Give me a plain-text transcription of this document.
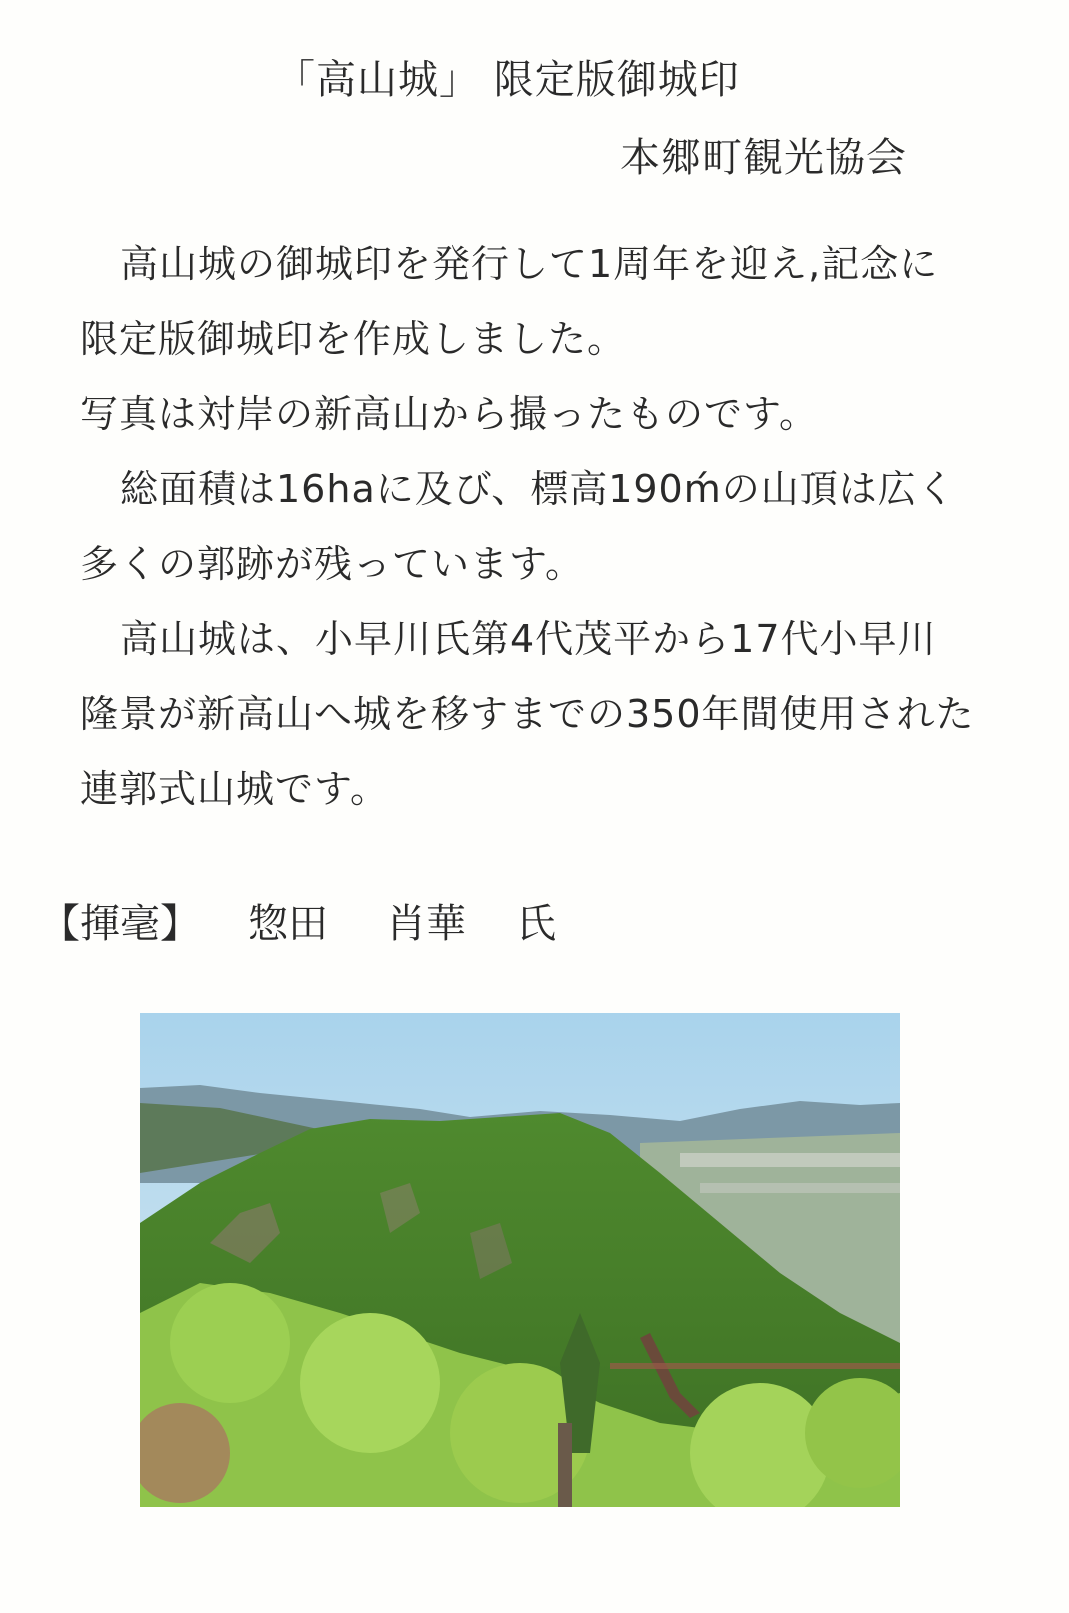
「高山城」 限定版御城印
本郷町観光協会
高山城の御城印を発行して1周年を迎え,記念に
限定版御城印を作成しました。
写真は対岸の新高山から撮ったものです。
総面積は16haに及び、標高190ḿの山頂は広く
多くの郭跡が残っています。
高山城は、小早川氏第4代茂平から17代小早川
隆景が新高山へ城を移すまでの350年間使用された
連郭式山城です。
【揮毫】 惣田 肖華 氏
